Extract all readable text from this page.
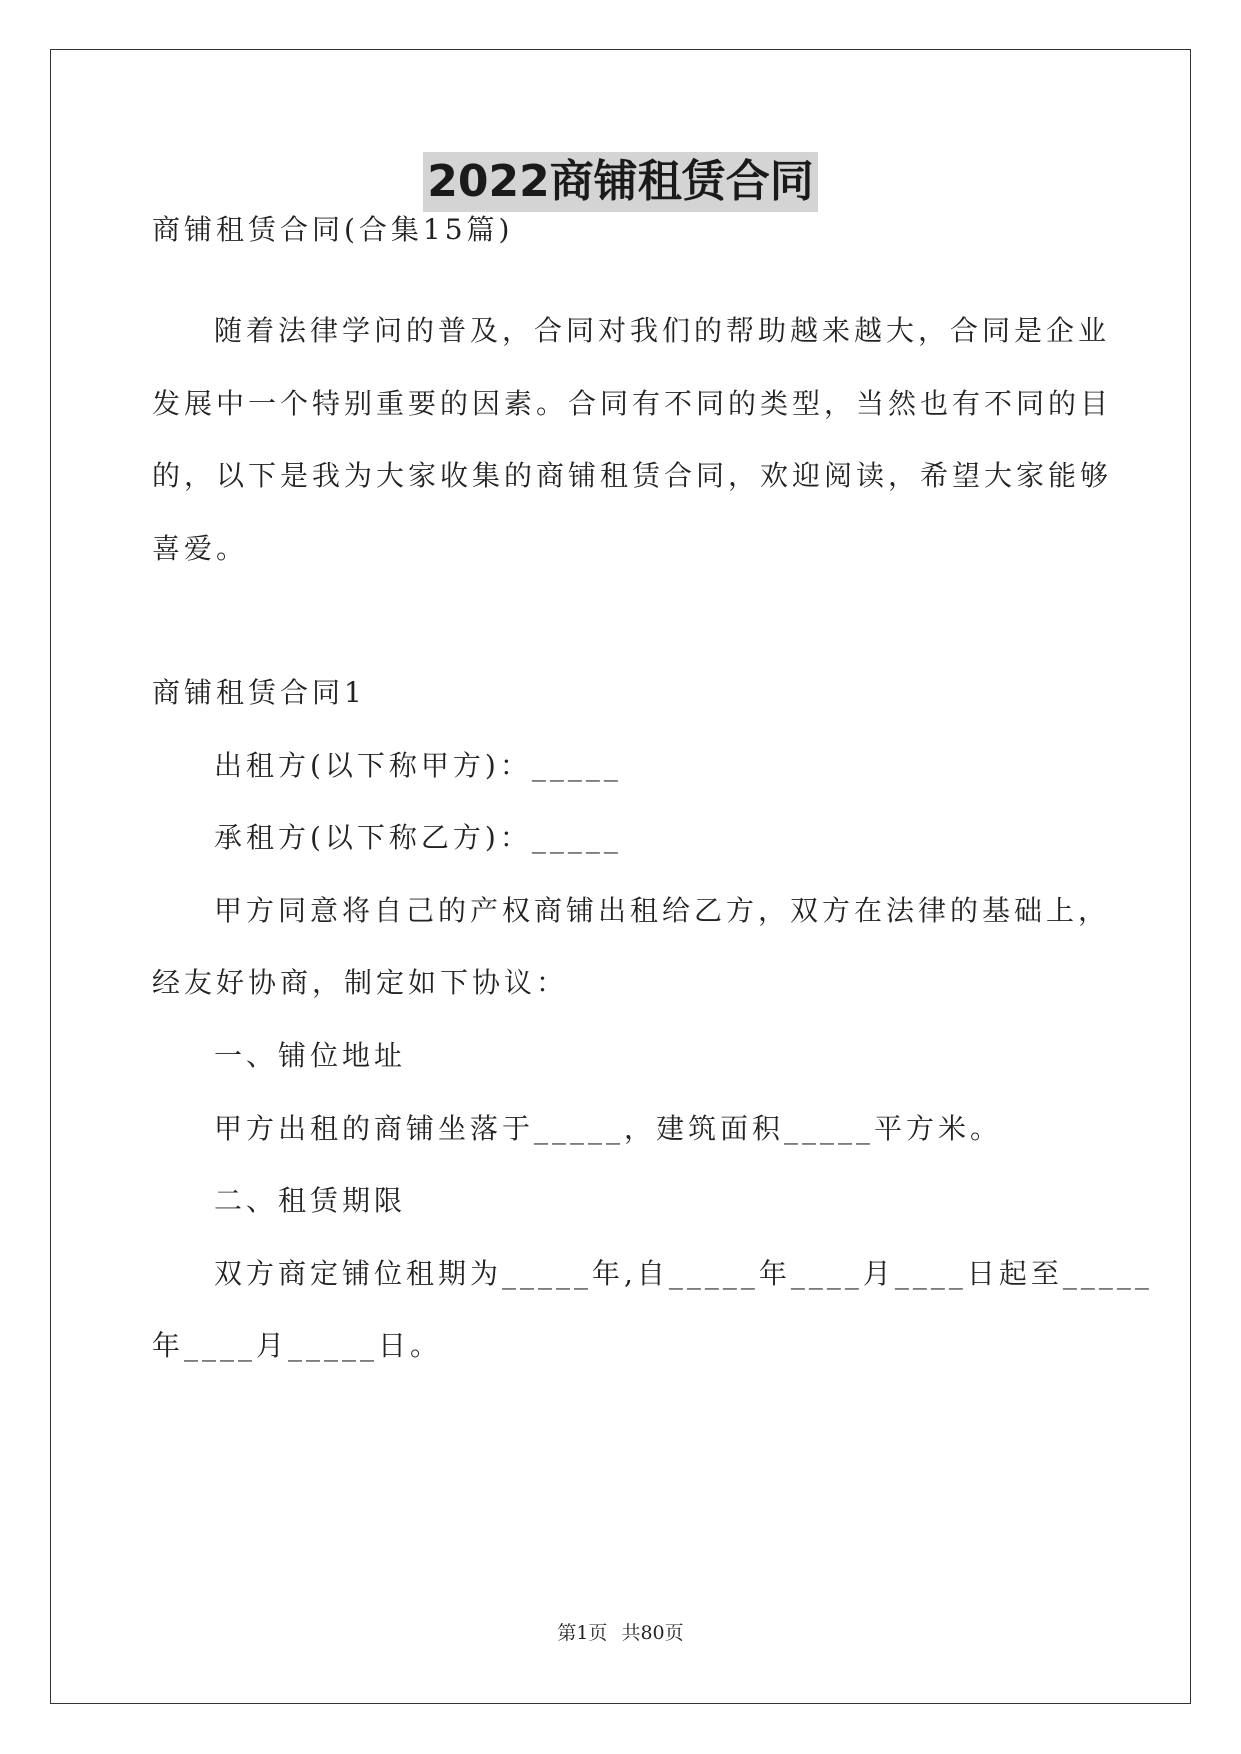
2022商铺租赁合同
商铺租赁合同(合集15篇)
随着法律学问的普及，合同对我们的帮助越来越大，合同是企业
发展中一个特别重要的因素。合同有不同的类型，当然也有不同的目
的，以下是我为大家收集的商铺租赁合同，欢迎阅读，希望大家能够
喜爱。
商铺租赁合同1
出租方(以下称甲方)：_____
承租方(以下称乙方)：_____
甲方同意将自己的产权商铺出租给乙方，双方在法律的基础上，
经友好协商，制定如下协议：
一、铺位地址
甲方出租的商铺坐落于_____，建筑面积_____平方米。
二、租赁期限
双方商定铺位租期为_____年,自_____年____月____日起至_____
年____月_____日。
第1页 共80页
